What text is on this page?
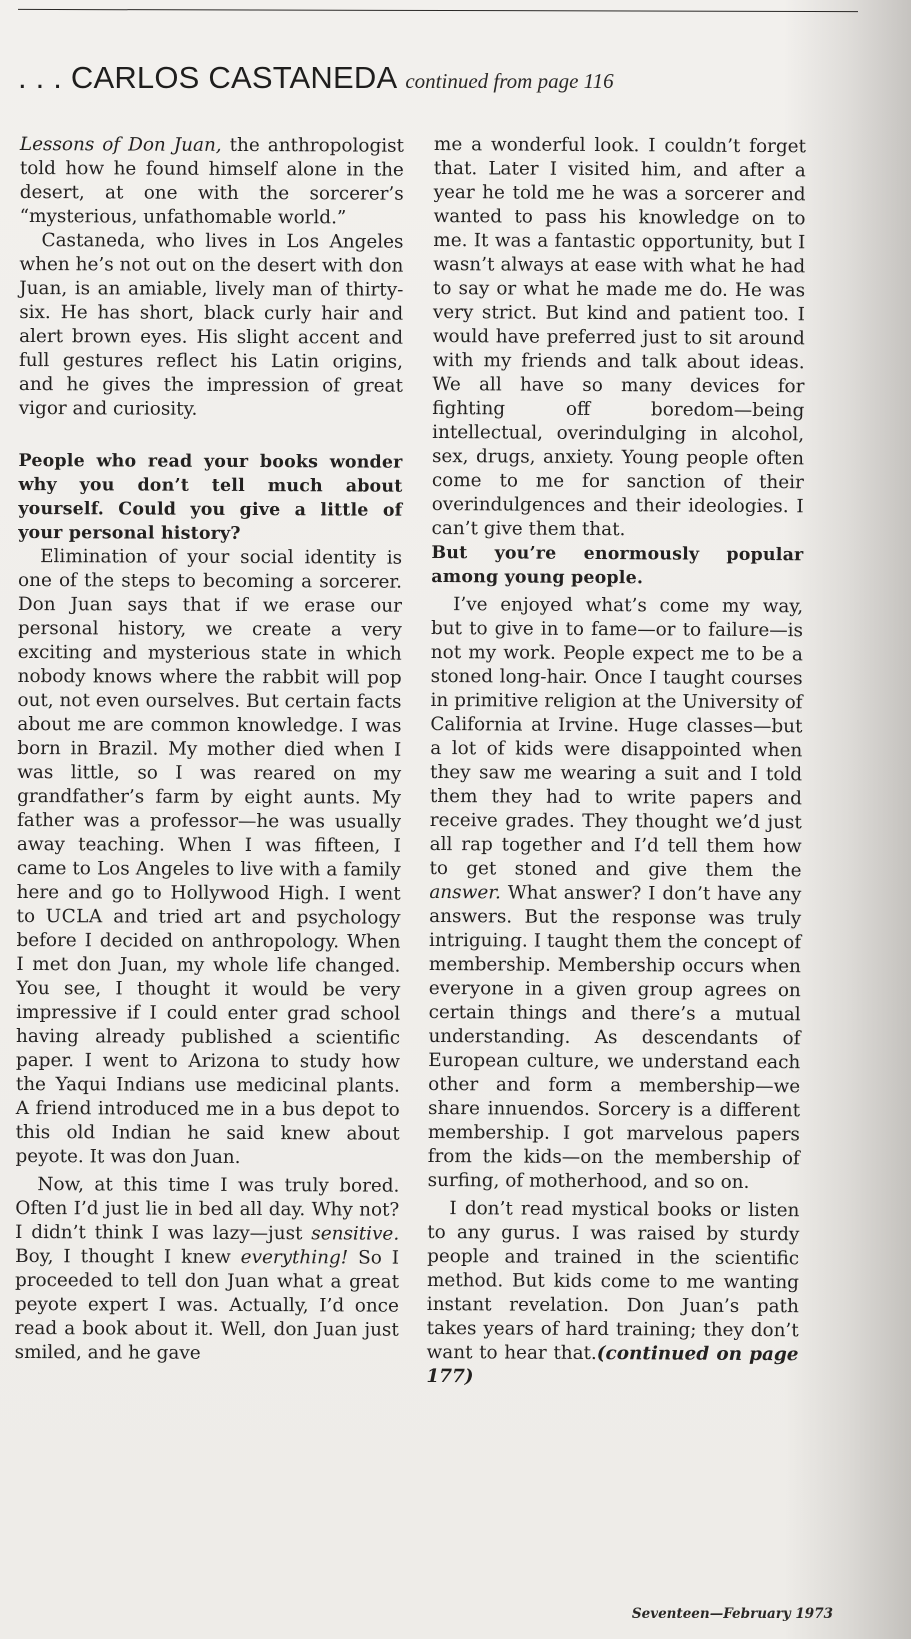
. . . CARLOS CASTANEDA continued from page 116

Lessons of Don Juan, the anthropologist told how he found himself alone in the desert, at one with the sorcerer’s “mysterious, unfathomable world.”

Castaneda, who lives in Los Angeles when he’s not out on the desert with don Juan, is an amiable, lively man of thirty-six. He has short, black curly hair and alert brown eyes. His slight accent and full gestures reflect his Latin origins, and he gives the impression of great vigor and curiosity.

People who read your books wonder why you don’t tell much about yourself. Could you give a little of your personal history?

Elimination of your social identity is one of the steps to becoming a sorcerer. Don Juan says that if we erase our personal history, we create a very exciting and mysterious state in which nobody knows where the rabbit will pop out, not even ourselves. But certain facts about me are common knowledge. I was born in Brazil. My mother died when I was little, so I was reared on my grandfather’s farm by eight aunts. My father was a professor—he was usually away teaching. When I was fifteen, I came to Los Angeles to live with a family here and go to Hollywood High. I went to UCLA and tried art and psychology before I decided on anthropology. When I met don Juan, my whole life changed. You see, I thought it would be very impressive if I could enter grad school having already published a scientific paper. I went to Arizona to study how the Yaqui Indians use medicinal plants. A friend introduced me in a bus depot to this old Indian he said knew about peyote. It was don Juan.

Now, at this time I was truly bored. Often I’d just lie in bed all day. Why not? I didn’t think I was lazy—just sensitive. Boy, I thought I knew everything! So I proceeded to tell don Juan what a great peyote expert I was. Actually, I’d once read a book about it. Well, don Juan just smiled, and he gave

me a wonderful look. I couldn’t forget that. Later I visited him, and after a year he told me he was a sorcerer and wanted to pass his knowledge on to me. It was a fantastic opportunity, but I wasn’t always at ease with what he had to say or what he made me do. He was very strict. But kind and patient too. I would have preferred just to sit around with my friends and talk about ideas. We all have so many devices for fighting off boredom—being intellectual, overindulging in alcohol, sex, drugs, anxiety. Young people often come to me for sanction of their overindulgences and their ideologies. I can’t give them that.

But you’re enormously popular among young people.

I’ve enjoyed what’s come my way, but to give in to fame—or to failure—is not my work. People expect me to be a stoned long-hair. Once I taught courses in primitive religion at the University of California at Irvine. Huge classes—but a lot of kids were disappointed when they saw me wearing a suit and I told them they had to write papers and receive grades. They thought we’d just all rap together and I’d tell them how to get stoned and give them the answer. What answer? I don’t have any answers. But the response was truly intriguing. I taught them the concept of membership. Membership occurs when everyone in a given group agrees on certain things and there’s a mutual understanding. As descendants of European culture, we understand each other and form a membership—we share innuendos. Sorcery is a different membership. I got marvelous papers from the kids—on the membership of surfing, of motherhood, and so on.

I don’t read mystical books or listen to any gurus. I was raised by sturdy people and trained in the scientific method. But kids come to me wanting instant revelation. Don Juan’s path takes years of hard training; they don’t want to hear that.(continued on page 177)

Seventeen—February 1973
